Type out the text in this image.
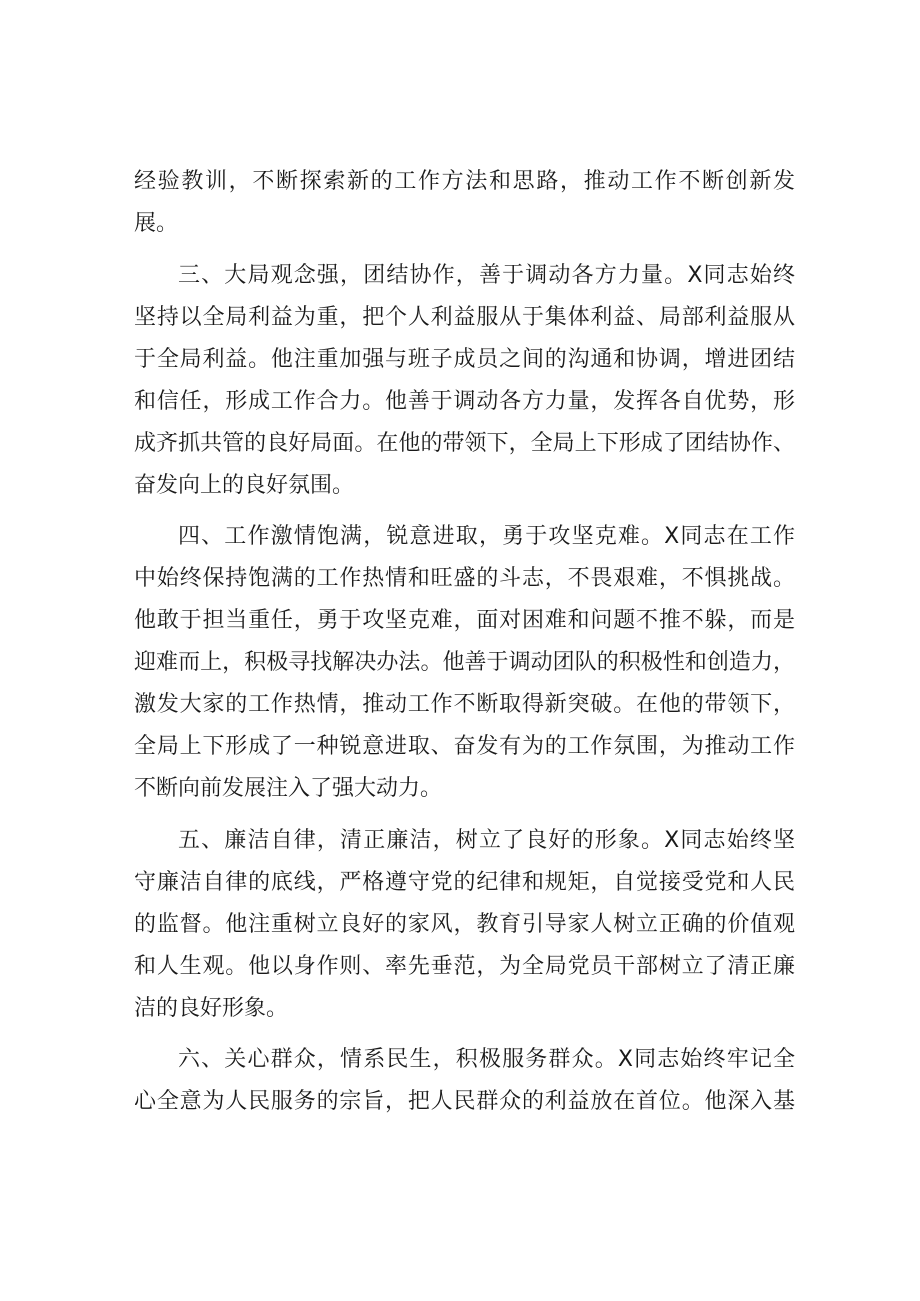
经验教训，不断探索新的工作方法和思路，推动工作不断创新发

展。

三、大局观念强，团结协作，善于调动各方力量。X同志始终

坚持以全局利益为重，把个人利益服从于集体利益、局部利益服从

于全局利益。他注重加强与班子成员之间的沟通和协调，增进团结

和信任，形成工作合力。他善于调动各方力量，发挥各自优势，形

成齐抓共管的良好局面。在他的带领下，全局上下形成了团结协作、

奋发向上的良好氛围。

四、工作激情饱满，锐意进取，勇于攻坚克难。X同志在工作

中始终保持饱满的工作热情和旺盛的斗志，不畏艰难，不惧挑战。

他敢于担当重任，勇于攻坚克难，面对困难和问题不推不躲，而是

迎难而上，积极寻找解决办法。他善于调动团队的积极性和创造力，

激发大家的工作热情，推动工作不断取得新突破。在他的带领下，

全局上下形成了一种锐意进取、奋发有为的工作氛围，为推动工作

不断向前发展注入了强大动力。

五、廉洁自律，清正廉洁，树立了良好的形象。X同志始终坚

守廉洁自律的底线，严格遵守党的纪律和规矩，自觉接受党和人民

的监督。他注重树立良好的家风，教育引导家人树立正确的价值观

和人生观。他以身作则、率先垂范，为全局党员干部树立了清正廉

洁的良好形象。

六、关心群众，情系民生，积极服务群众。X同志始终牢记全

心全意为人民服务的宗旨，把人民群众的利益放在首位。他深入基
